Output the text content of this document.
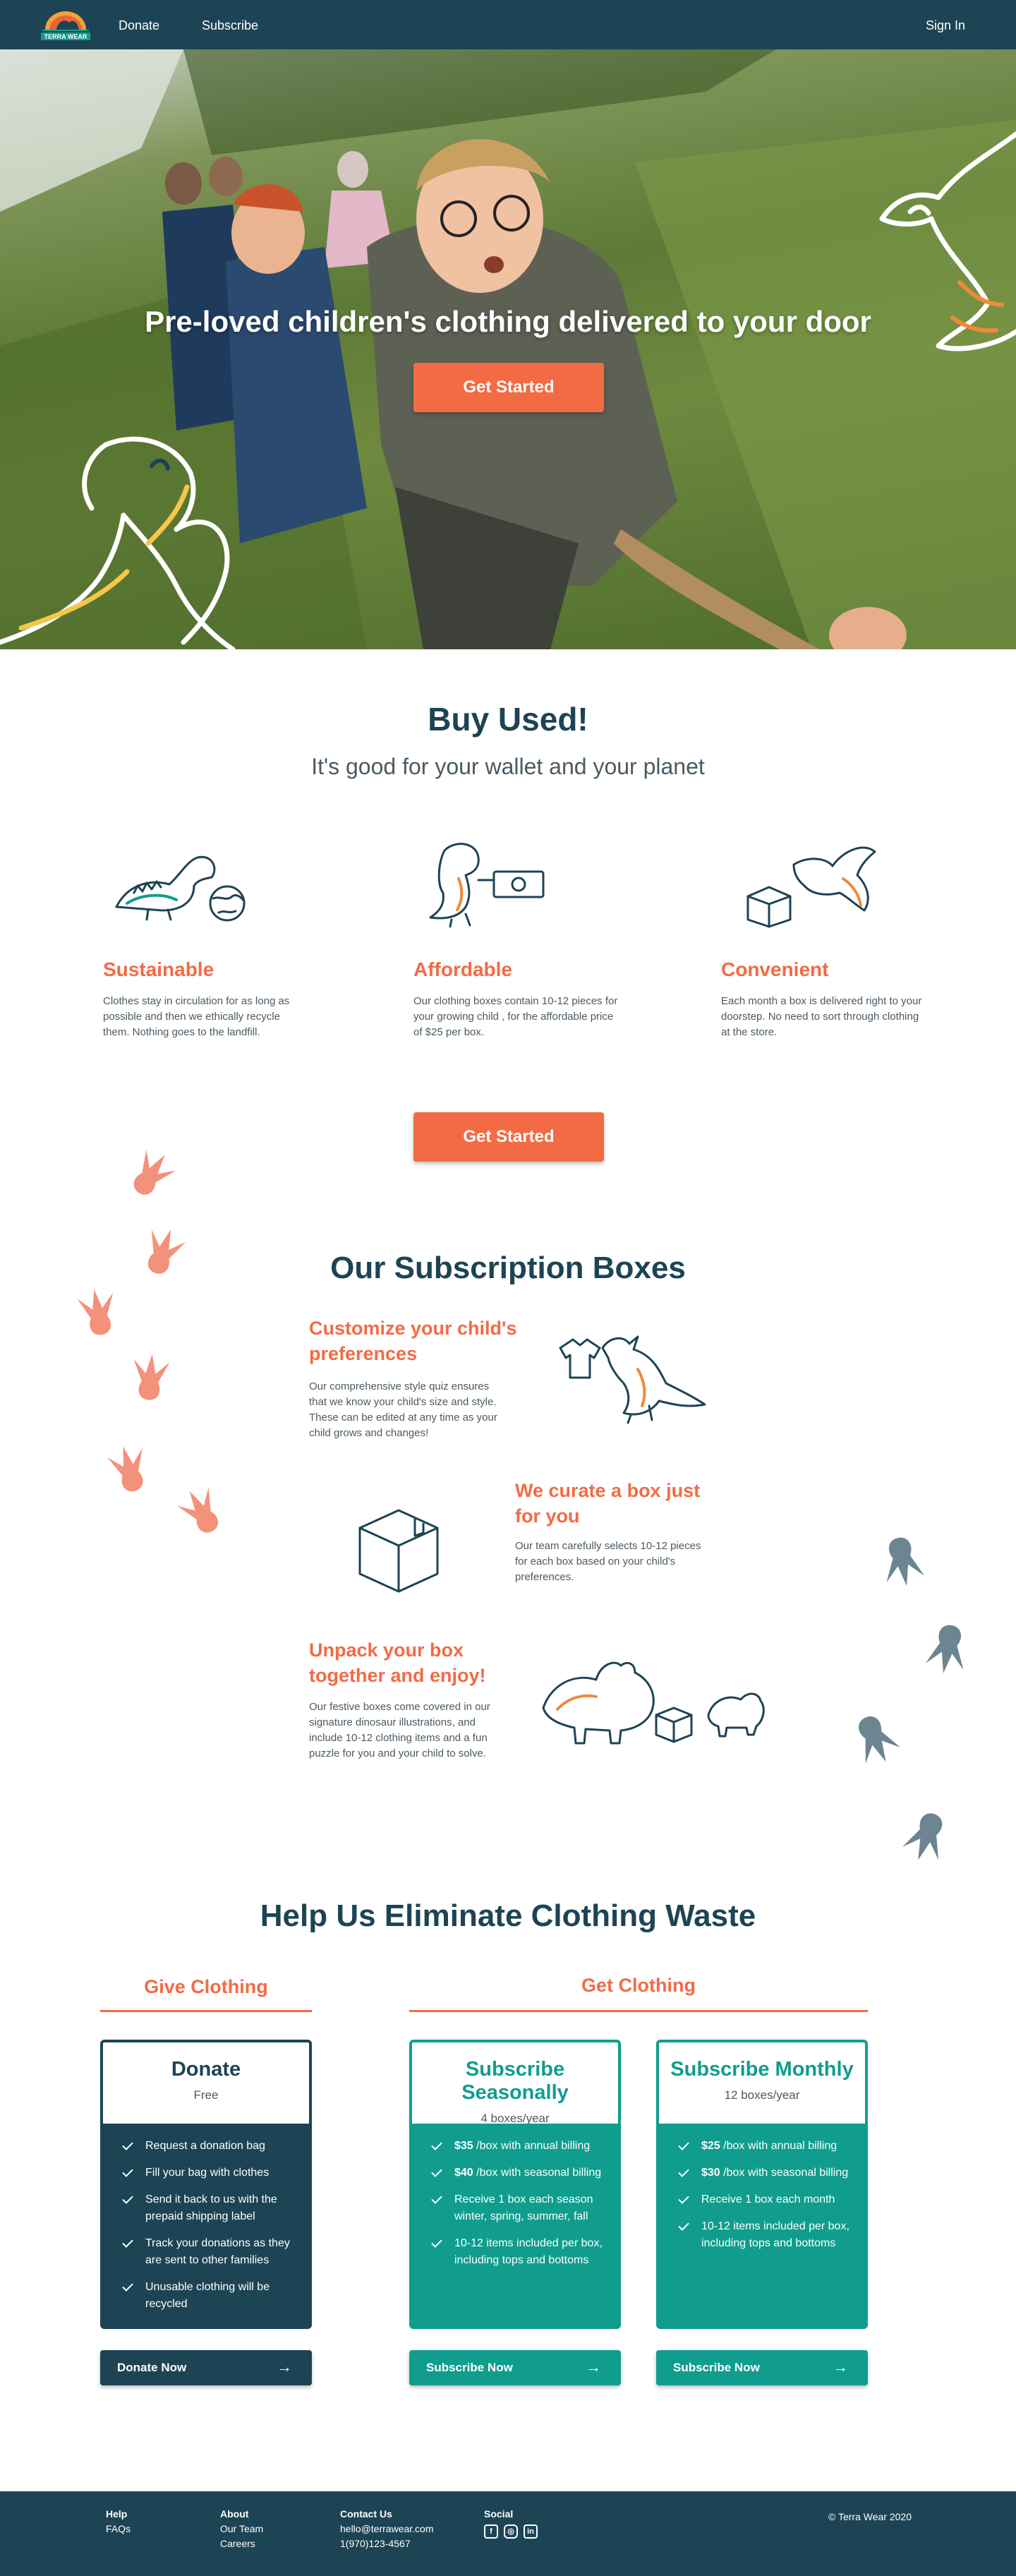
TERRA WEAR
Donate	Subscribe	Sign In
Pre-loved children's clothing delivered to your door
Get Started
Buy Used!
It's good for your wallet and your planet
Sustainable
Clothes stay in circulation for as long as possible and then we ethically recycle them. Nothing goes to the landfill.
Affordable
Our clothing boxes contain 10-12 pieces for your growing child , for the affordable price of $25 per box.
Convenient
Each month a box is delivered right to your doorstep. No need to sort through clothing at the store.
Get Started
Our Subscription Boxes
Customize your child's preferences
Our comprehensive style quiz ensures that we know your child's size and style. These can be edited at any time as your child grows and changes!
We curate a box just for you
Our team carefully selects 10-12 pieces for each box based on your child's preferences.
Unpack your box together and enjoy!
Our festive boxes come covered in our signature dinosaur illustrations, and include 10-12 clothing items and a fun puzzle for you and your child to solve.
Help Us Eliminate Clothing Waste
Give Clothing	Get Clothing
Donate
Free
Request a donation bag
Fill your bag with clothes
Send it back to us with the prepaid shipping label
Track your donations as they are sent to other families
Unusable clothing will be recycled
Subscribe Seasonally
4 boxes/year
$35 /box with annual billing
$40 /box with seasonal billing
Receive 1 box each season winter, spring, summer, fall
10-12 items included per box, including tops and bottoms
Subscribe Monthly
12 boxes/year
$25 /box with annual billing
$30 /box with seasonal billing
Receive 1 box each month
10-12 items included per box, including tops and bottoms
Donate Now	→	Subscribe Now	→	Subscribe Now	→
Help
FAQs
About
Our Team
Careers
Contact Us
hello@terrawear.com
1(970)123-4567
Social
f	◎	in
© Terra Wear 2020
